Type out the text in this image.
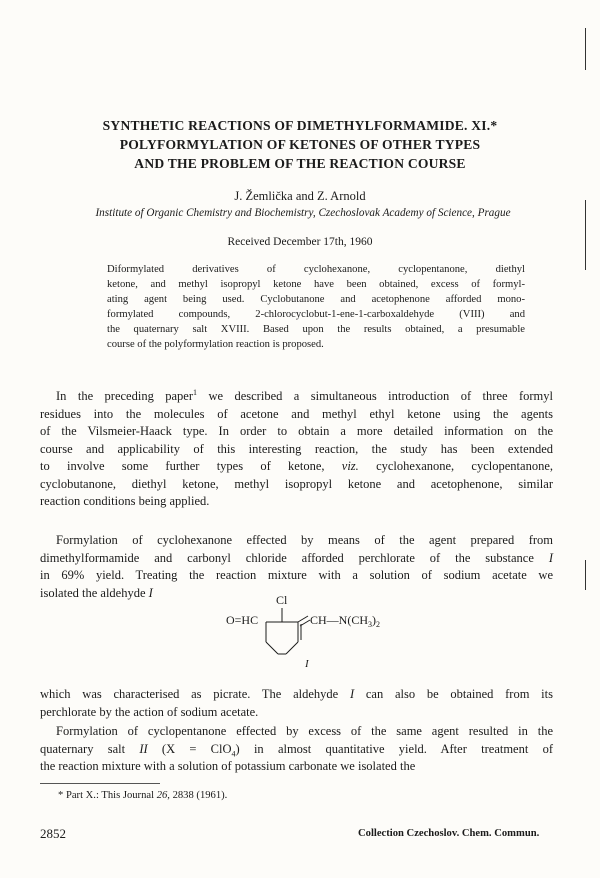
SYNTHETIC REACTIONS OF DIMETHYLFORMAMIDE. XI.*
POLYFORMYLATION OF KETONES OF OTHER TYPES
AND THE PROBLEM OF THE REACTION COURSE
J. Žemlička and Z. Arnold
Institute of Organic Chemistry and Biochemistry, Czechoslovak Academy of Science, Prague
Received December 17th, 1960
Diformylated derivatives of cyclohexanone, cyclopentanone, diethyl
ketone, and methyl isopropyl ketone have been obtained, excess of formyl-
ating agent being used. Cyclobutanone and acetophenone afforded mono-
formylated compounds, 2-chlorocyclobut-1-ene-1-carboxaldehyde (VIII) and
the quaternary salt XVIII. Based upon the results obtained, a presumable
course of the polyformylation reaction is proposed.
In the preceding paper$^1$ we described a simultaneous introduction of three formyl
residues into the molecules of acetone and methyl ethyl ketone using the agents
of the Vilsmeier-Haack type. In order to obtain a more detailed information on the
course and applicability of this interesting reaction, the study has been extended
to involve some further types of ketone, viz. cyclohexanone, cyclopentanone,
cyclobutanone, diethyl ketone, methyl isopropyl ketone and acetophenone, similar
reaction conditions being applied.
Formylation of cyclohexanone effected by means of the agent prepared from
dimethylformamide and carbonyl chloride afforded perchlorate of the substance I
in 69% yield. Treating the reaction mixture with a solution of sodium acetate we
isolated the aldehyde I
Cl
O=HC	$CH—N(CH_3)_2$
I
which was characterised as picrate. The aldehyde I can also be obtained from its
perchlorate by the action of sodium acetate.
Formylation of cyclopentanone effected by excess of the same agent resulted in the
quaternary salt II (X = ClO$_4$) in almost quantitative yield. After treatment of
the reaction mixture with a solution of potassium carbonate we isolated the
* Part X.: This Journal 26, 2838 (1961).
2852	Collection Czechoslov. Chem. Commun.
